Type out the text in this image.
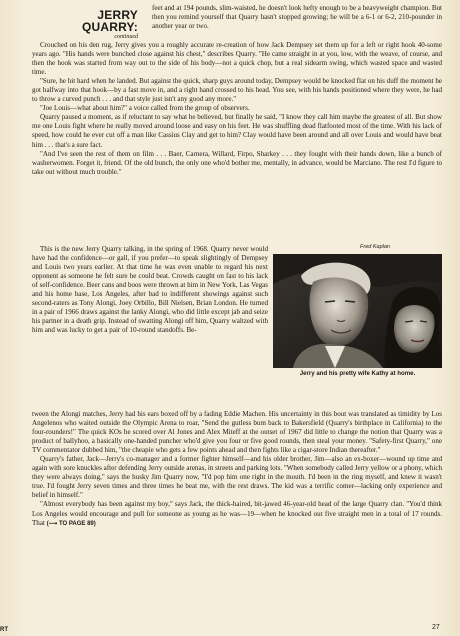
JERRY QUARRY:
continued

feet and at 194 pounds, slim-waisted, he doesn't look hefty enough to be a heavyweight champion. But then you remind yourself that Quarry hasn't stopped growing; he will be a 6-1 or 6-2, 210-pounder in another year or two.

Crouched on his den rug, Jerry gives you a roughly accurate re-creation of how Jack Dempsey set them up for a left or right hook 40-some years ago. "His hands were bunched close against his chest," describes Quarry. "He came straight in at you, low, with the weave, of course, and then the hook was started from way out to the side of his body—not a quick chop, but a real sidearm swing, which wasted space and wasted time.

"Sure, he hit hard when he landed. But against the quick, sharp guys around today, Dempsey would be knocked flat on his duff the moment he got halfway into that hook—by a fast move in, and a right hand crossed to his head. You see, with his hands positioned where they were, he had to throw a curved punch . . . and that style just isn't any good any more."

"Joe Louis—what about him?" a voice called from the group of observers.

Quarry paused a moment, as if reluctant to say what he believed, but finally he said, "I know they call him maybe the greatest of all. But show me one Louis fight where he really moved around loose and easy on his feet. He was shuffling dead flatfooted most of the time. With his lack of speed, how could he ever cut off a man like Cassius Clay and get to him? Clay would have been around and all over Louis and would have beat him . . . that's a sure fact.

"And I've seen the rest of them on film . . . Baer, Carnera, Willard, Firpo, Sharkey . . . they fought with their hands down, like a bunch of washerwomen. Forget it, friend. Of the old bunch, the only one who'd bother me, mentally, in advance, would be Marciano. The rest I'd figure to take out without much trouble."

This is the new Jerry Quarry talking, in the spring of 1968. Quarry never would have had the confidence—or gall, if you prefer—to speak slightingly of Dempsey and Louis two years earlier. At that time he was even unable to regard his next opponent as someone he felt sure he could beat. Crowds caught on fast to his lack of self-confidence. Beer cans and boos were thrown at him in New York, Las Vegas and his home base, Los Angeles, after bad to indifferent showings against such second-raters as Tony Alongi, Joey Orbillo, Bill Nielsen, Brian London. He turned in a pair of 1966 draws against the lanky Alongi, who did little except jab and seize his partner in a death grip. Instead of swatting Alongi off him, Quarry waltzed with him and was lucky to get a pair of 10-round standoffs. Be-

Fred Kaplan
Jerry and his pretty wife Kathy at home.

tween the Alongi matches, Jerry had his ears boxed off by a fading Eddie Machen. His uncertainty in this bout was translated as timidity by Los Angelenos who waited outside the Olympic Arena to roar, "Send the gutless bum back to Bakersfield (Quarry's birthplace in California) to the four-rounders!" The quick KOs he scored over Al Jones and Alex Miteff at the outset of 1967 did little to change the notion that Quarry was a product of ballyhoo, a basically one-handed puncher who'd give you four or five good rounds, then steal your money. "Safety-first Quarry," one TV commentator dubbed him, "the cheapie who gets a few points ahead and then fights like a cigar-store Indian thereafter."

Quarry's father, Jack—Jerry's co-manager and a former fighter himself—and his older brother, Jim—also an ex-boxer—wound up time and again with sore knuckles after defending Jerry outside arenas, in streets and parking lots. "When somebody called Jerry yellow or a phony, which they were always doing," says the husky Jim Quarry now, "I'd pop him one right in the mouth. I'd been in the ring myself, and knew it wasn't true. I'd fought Jerry seven times and three times he beat me, with the rest draws. The kid was a terrific comer—lacking only experience and belief in himself."

"Almost everybody has been against my boy," says Jack, the thick-haired, bit-jawed 46-year-old head of the large Quarry clan. "You'd think Los Angeles would encourage and pull for someone as young as he was—19—when he knocked out five straight men in a total of 17 rounds. That (⟶ TO PAGE 89)

RT	27
